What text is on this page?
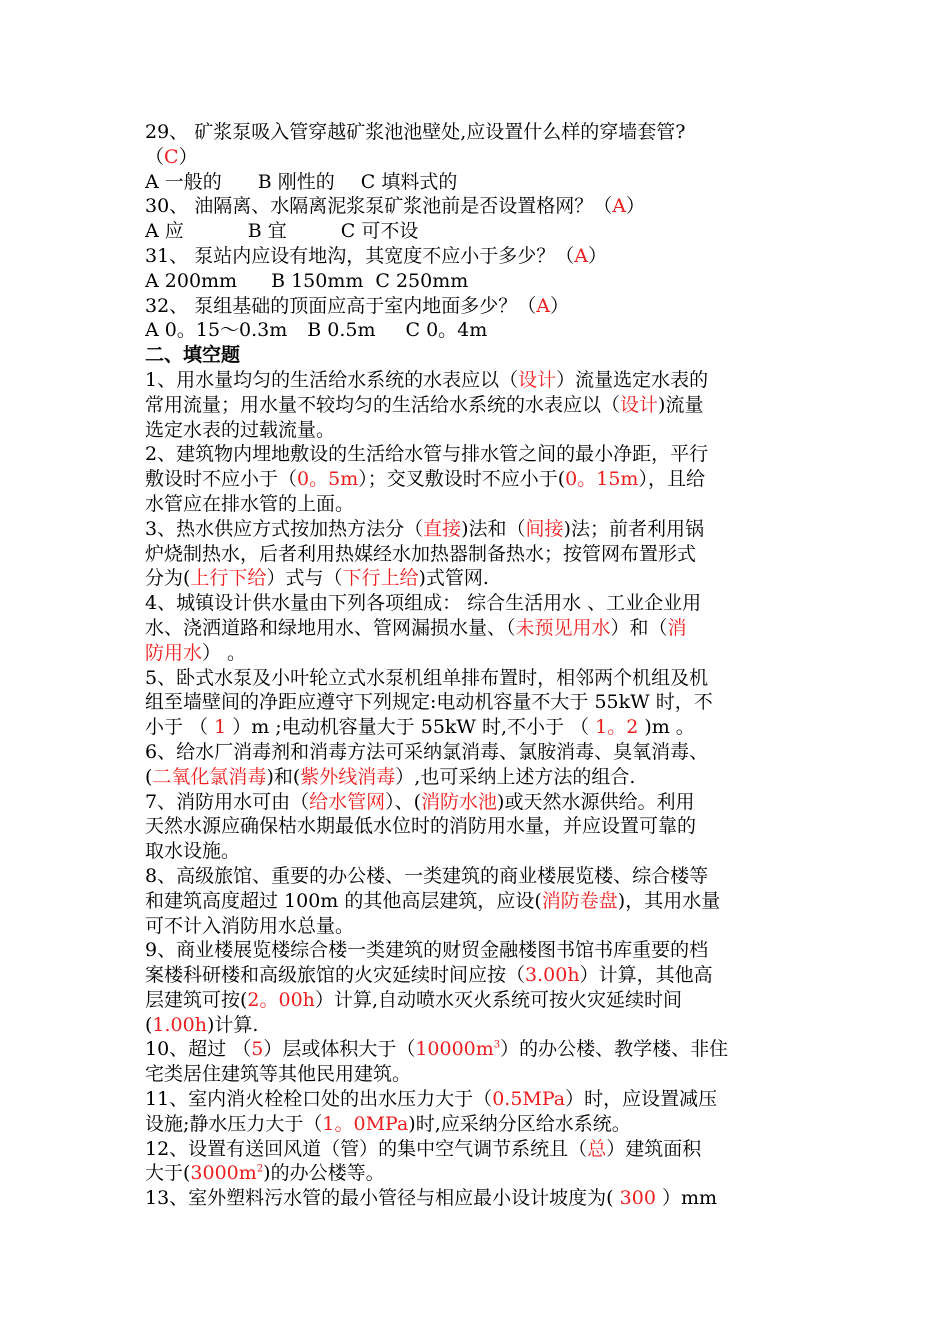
29、 矿浆泵吸入管穿越矿浆池池壁处,应设置什么样的穿墙套管?
（C）
A 一般的 B 刚性的 C 填料式的
30、 油隔离、水隔离泥浆泵矿浆池前是否设置格网？（A）
A 应	B 宜	C 可不设
31、 泵站内应设有地沟，其宽度不应小于多少？（A）
A 200mm B 150mm C 250mm
32、 泵组基础的顶面应高于室内地面多少？（A）
A 0。15～0.3m B 0.5m C 0。4m
二、填空题
1、用水量均匀的生活给水系统的水表应以（设计）流量选定水表的
常用流量；用水量不较均匀的生活给水系统的水表应以（设计)流量
选定水表的过载流量。
2、建筑物内埋地敷设的生活给水管与排水管之间的最小净距，平行
敷设时不应小于（0。5m）；交叉敷设时不应小于(0。15m），且给
水管应在排水管的上面。
3、热水供应方式按加热方法分（直接)法和（间接)法；前者利用锅
炉烧制热水，后者利用热媒经水加热器制备热水；按管网布置形式
分为(上行下给）式与（下行上给)式管网.
4、城镇设计供水量由下列各项组成： 综合生活用水 、工业企业用
水、浇洒道路和绿地用水、管网漏损水量、（未预见用水）和（消
防用水） 。
5、卧式水泵及小叶轮立式水泵机组单排布置时，相邻两个机组及机
组至墙壁间的净距应遵守下列规定:电动机容量不大于 55kW 时，不
小于 （ 1 ）m ;电动机容量大于 55kW 时,不小于 （ 1。2 )m 。
6、给水厂消毒剂和消毒方法可采纳氯消毒、氯胺消毒、臭氧消毒、
(二氧化氯消毒)和(紫外线消毒）,也可采纳上述方法的组合.
7、消防用水可由（给水管网）、(消防水池)或天然水源供给。利用
天然水源应确保枯水期最低水位时的消防用水量，并应设置可靠的
取水设施。
8、高级旅馆、重要的办公楼、一类建筑的商业楼展览楼、综合楼等
和建筑高度超过 100m 的其他高层建筑，应设(消防卷盘)，其用水量
可不计入消防用水总量。
9、商业楼展览楼综合楼一类建筑的财贸金融楼图书馆书库重要的档
案楼科研楼和高级旅馆的火灾延续时间应按（3.00h）计算，其他高
层建筑可按(2。00h）计算,自动喷水灭火系统可按火灾延续时间
(1.00h)计算.
10、超过 （5）层或体积大于$(10000m^3)$的办公楼、教学楼、非住
宅类居住建筑等其他民用建筑。
11、室内消火栓栓口处的出水压力大于（0.5MPa）时，应设置减压
设施;静水压力大于（1。0MPa)时,应采纳分区给水系统。
12、设置有送回风道（管）的集中空气调节系统且（总）建筑面积
大于$(3000m^2)$的办公楼等。
13、室外塑料污水管的最小管径与相应最小设计坡度为( 300 ）mm
